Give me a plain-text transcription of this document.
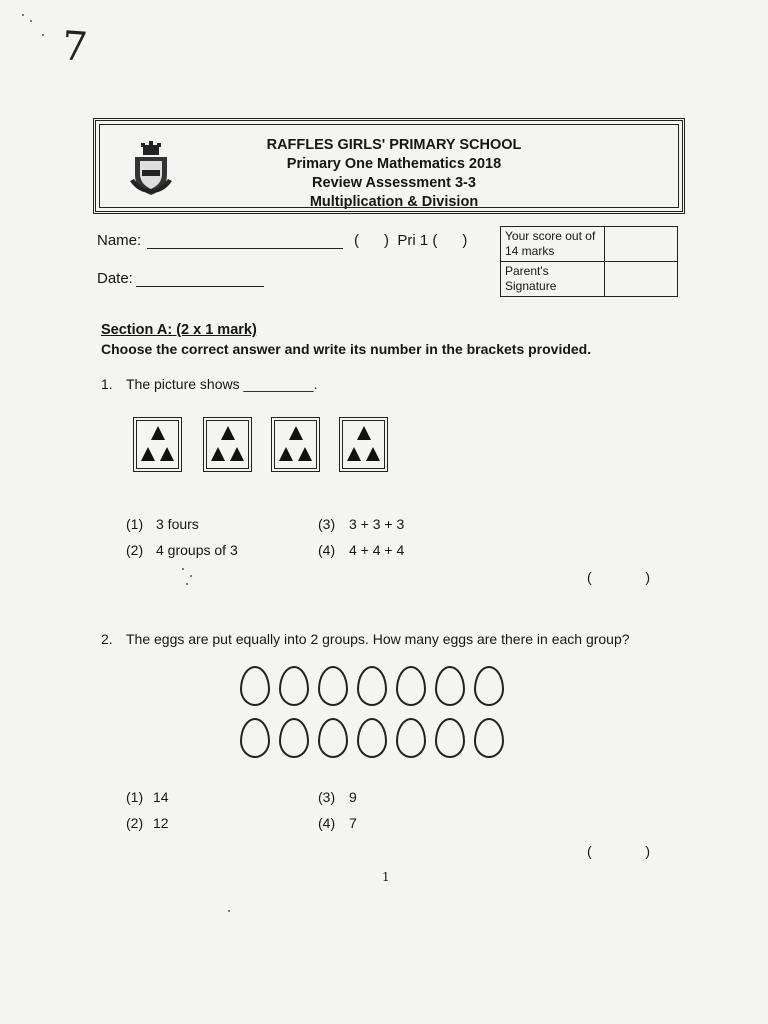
7
RAFFLES GIRLS' PRIMARY SCHOOL
Primary One Mathematics 2018
Review Assessment 3-3
Multiplication & Division
Name:	(      )  Pri 1 (      )
Date:
Your score out of 14 marks	
Parent's Signature	
Section A: (2 x 1 mark)
Choose the correct answer and write its number in the brackets provided.
1. The picture shows _________.
(1) 3 fours
(2) 4 groups of 3
(3) 3 + 3 + 3
(4) 4 + 4 + 4
(   )
2. The eggs are put equally into 2 groups. How many eggs are there in each group?
(1) 14
(2) 12
(3) 9
(4) 7
(   )
1
